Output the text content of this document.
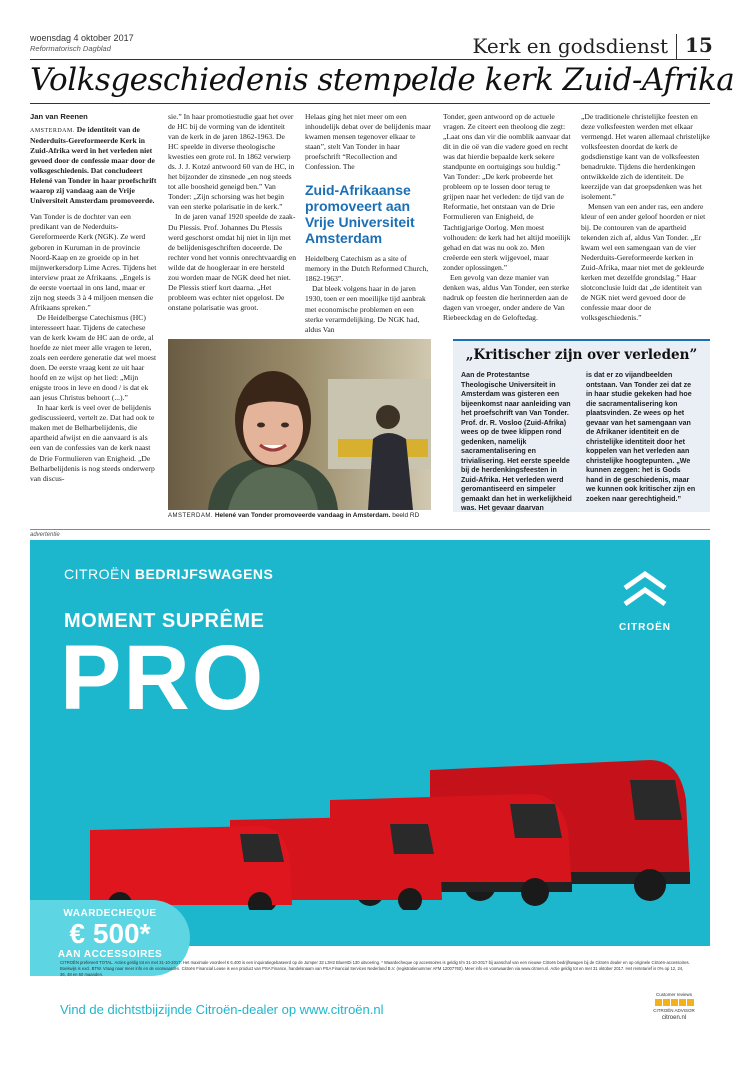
woensdag 4 oktober 2017
Reformatorisch Dagblad	Kerk en godsdienst 15
Volksgeschiedenis stempelde kerk Zuid-Afrika

Jan van Reenen

AMSTERDAM. De identiteit van de Nederduits-Gereformeerde Kerk in Zuid-Afrika werd in het verleden niet gevoed door de confessie maar door de volksgeschiedenis. Dat concludeert Helené van Tonder in haar proefschrift waarop zij vandaag aan de Vrije Universiteit Amsterdam promoveerde.

Van Tonder is de dochter van een predikant van de Nederduits-Gereformeerde Kerk (NGK). Ze werd geboren in Kuruman in de provincie Noord-Kaap en ze groeide op in het mijnwerkersdorp Lime Acres. Tijdens het interview praat ze Afrikaans. „Engels is de eerste voertaal in ons land, maar er zijn nog steeds 3 à 4 miljoen mensen die Afrikaans spreken.”

De Heidelbergse Catechismus (HC) interesseert haar. Tijdens de catechese van de kerk kwam de HC aan de orde, al hoefde ze niet meer alle vragen te leren, zoals een eerdere generatie dat wel moest doen. De eerste vraag kent ze uit haar hoofd en ze wijst op het lied: „Mijn enigste troos in leve en dood / is dat ek aan jesus Christus behoort (...).”

In haar kerk is veel over de belijdenis gediscussieerd, vertelt ze. Dat had ook te maken met de Belharbelijdenis, die apartheid afwijst en die aanvaard is als een van de confessies van de kerk naast de Drie Formulieren van Enigheid. „De Belharbelijdenis is nog steeds onderwerp van discus-

sie.” In haar promotiestudie gaat het over de HC bij de vorming van de identiteit van de kerk in de jaren 1862-1963. De HC speelde in diverse theologische kwesties een grote rol. In 1862 verwierp ds. J. J. Kotzé antwoord 60 van de HC, in het bijzonder de zinsnede „en nog steeds tot alle boosheid geneigd ben.” Van Tonder: „Zijn schorsing was het begin van een sterke polarisatie in de kerk.”

In de jaren vanaf 1920 speelde de zaak-Du Plessis. Prof. Johannes Du Plessis werd geschorst omdat hij niet in lijn met de belijdenisgeschriften doceerde. De rechter vond het vonnis onrechtvaardig en wilde dat de hoogleraar in ere hersteld zou worden maar de NGK deed het niet. De Plessis stierf kort daarna. „Het probleem was echter niet opgelost. De onstane polarisatie was groot.

Helaas ging het niet meer om een inhoudelijk debat over de belijdenis maar kwamen mensen tegenover elkaar te staan”, stelt Van Tonder in haar proefschrift “Recollection and Confession. The

Zuid-Afrikaanse promoveert aan Vrije Universiteit Amsterdam

Heidelberg Catechism as a site of memory in the Dutch Reformed Church, 1862-1963”.

Dat bleek volgens haar in de jaren 1930, toen er een moeilijke tijd aanbrak met economische problemen en een sterke verarmdelijking. De NGK had, aldus Van

Tonder, geen antwoord op de actuele vragen. Ze citeert een theoloog die zegt: „Laat ons dan vir die oomblik aanvaar dat dit in die oë van die vadere goed en recht was dat hierdie bepaalde kerk sekere standpunte en oortuigings sou huldig.” Van Tonder: „De kerk probeerde het probleem op te lossen door terug te grijpen naar het verleden: de tijd van de Reformatie, het ontstaan van de Drie Formulieren van Enigheid, de Tachtigjarige Oorlog. Men moest volhouden: de kerk had het altijd moeilijk gehad en dat was nu ook zo. Men creëerde een sterk wijgevoel, maar zonder oplossingen.”

Een gevolg van deze manier van denken was, aldus Van Tonder, een sterke nadruk op feesten die herinnerden aan de dagen van vroeger, onder andere de Van Riebeeckdag en de Geloftedag.

„De traditionele christelijke feesten en deze volksfeesten werden met elkaar vermengd. Het waren allemaal christelijke volksfeesten doordat de kerk de godsdienstige kant van de volksfeesten benadrukte. Tijdens die herdenkingen ontwikkelde zich de identiteit. De keerzijde van dat groepsdenken was het isolement.”

Mensen van een ander ras, een andere kleur of een ander geloof hoorden er niet bij. De contouren van de apartheid tekenden zich af, aldus Van Tonder. „Er kwam wel een samengaan van de vier Nederduits-Gereformeerde kerken in Zuid-Afrika, maar niet met de gekleurde kerken met dezelfde grondslag.” Haar slotconclusie luidt dat „de identiteit van de NGK niet werd gevoed door de confessie maar door de volksgeschiedenis.”

AMSTERDAM. Helené van Tonder promoveerde vandaag in Amsterdam. beeld RD
„Kritischer zijn over verleden”
Aan de Protestantse Theologische Universiteit in Amsterdam was gisteren een bijeenkomst naar aanleiding van het proefschrift van Van Tonder. Prof. dr. R. Vosloo (Zuid-Afrika) wees op de twee klippen rond gedenken, namelijk sacramentalisering en trivialisering. Het eerste speelde bij de herdenkingsfeesten in Zuid-Afrika. Het verleden werd geromantiseerd en simpeler gemaakt dan het in werkelijkheid was. Het gevaar daarvan
is dat er zo vijandbeelden ontstaan. Van Tonder zei dat ze in haar studie gekeken had hoe die sacramentalisering kon plaatsvinden. Ze wees op het gevaar van het samengaan van de Afrikaner identiteit en de christelijke identiteit door het koppelen van het verleden aan christelijke hoogtepunten. „We kunnen zeggen: het is Gods hand in de geschiedenis, maar we kunnen ook kritischer zijn en zoeken naar gerechtigheid.”
advertentie
CITROËN BEDRIJFSWAGENS
MOMENT SUPRÊME
PRO	CITROËN
WAARDECHEQUE
€ 500*
AAN ACCESSOIRES
PROFITEER IN OKTOBER VAN ZAKELIJK VOORDEEL, OPLOPEND TOT € 6.400
+ FINANCIAL LEASE MET 0% RENTE VOOR 5 JAAR
CITROËN prefereert TOTAL. Acties geldig tot en met 31-10-2017. Het maximale voordeel € 6.400 is een inquiratiegebaseerd op de Jumper 33 L3H2 BlueHDi 130 uitvoering. * Waardecheque op accessoires is geldig t/m 31-10-2017 bij aanschaf van een nieuwe Citroën bedrijfswagen bij de Citroën dealer en op originele Citroën-accessoires. Boekwijs is excl. BTW. Vraag naar meer info en de voorwaarden. Citroën Financial Lease is een product van PSA Finance, handelsnaam van PSA Financial Services Nederland B.V. (registratienummer AFM 12007760). Meer info en voorwaarden via www.citroen.nl. Actie geldig tot en met 31 oktober 2017. Het rentetarief is 0% op 12, 24, 36, 48 en 60 maanden.
Vind de dichtstbijzijnde Citroën-dealer op www.citroën.nl
Customer reviews
CITROËN ADVISOR
citroen.nl
